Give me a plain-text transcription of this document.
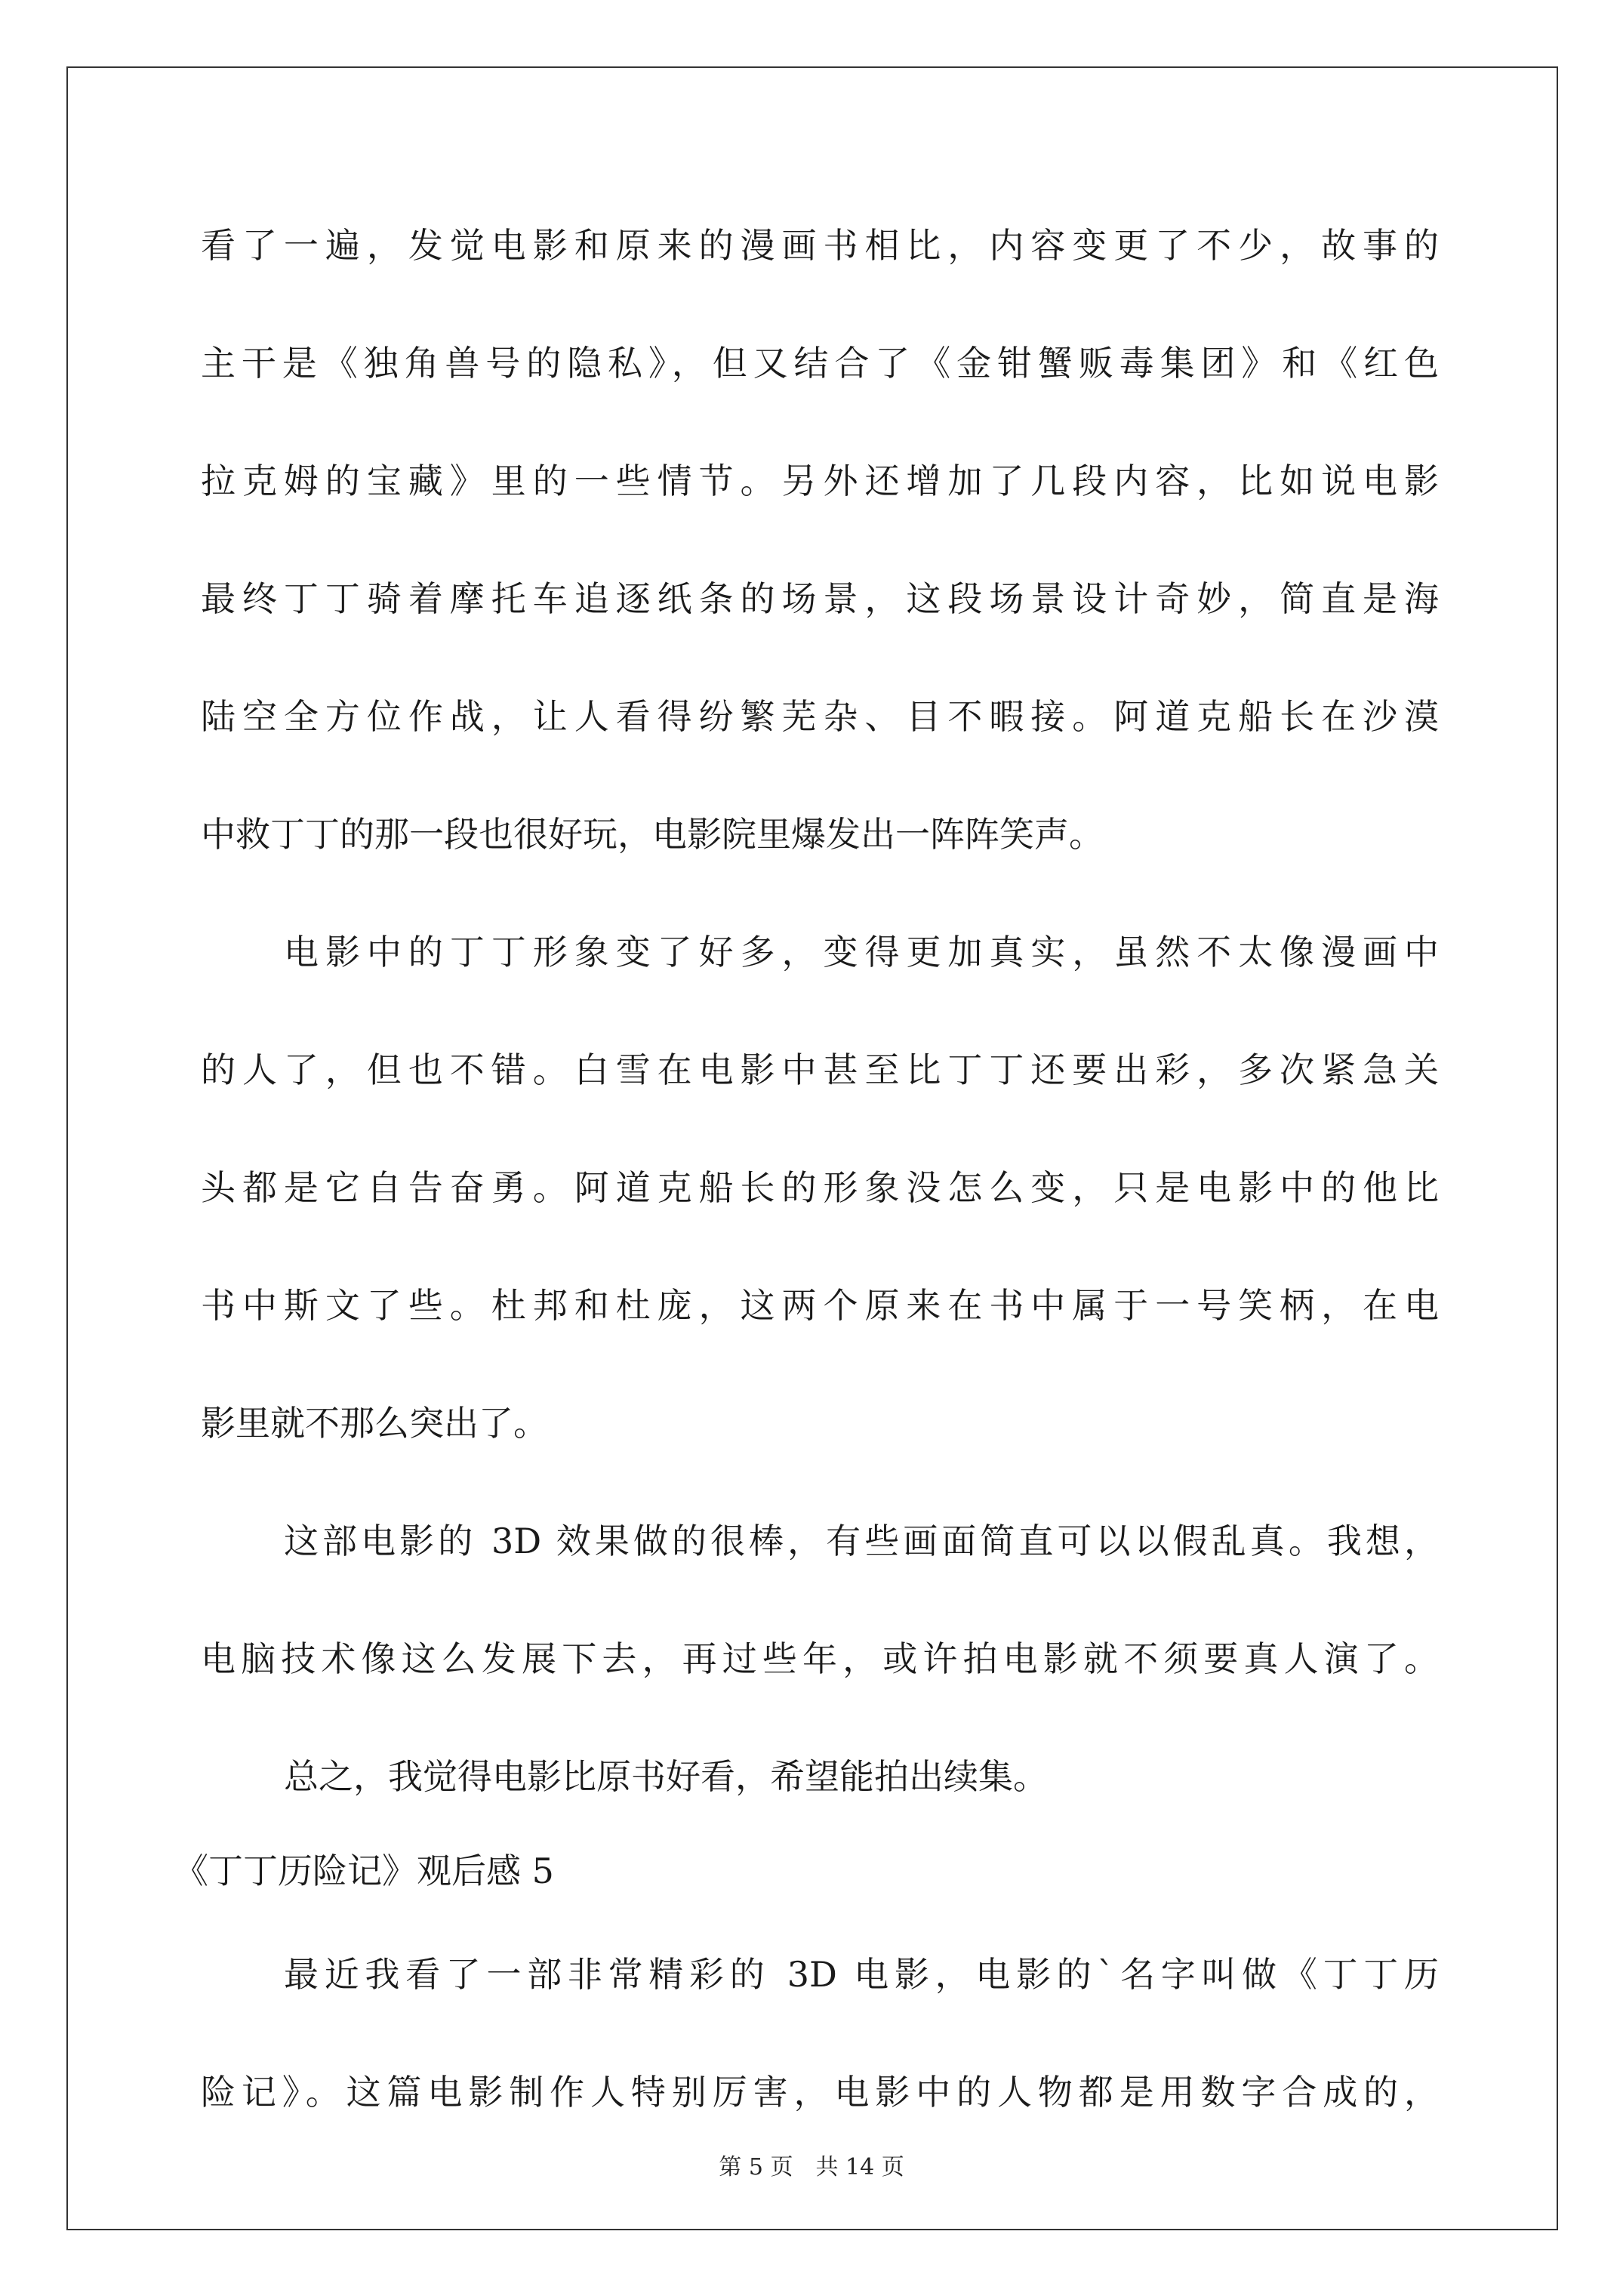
看了一遍，发觉电影和原来的漫画书相比，内容变更了不少，故事的
主干是《独角兽号的隐私》，但又结合了《金钳蟹贩毒集团》和《红色
拉克姆的宝藏》里的一些情节。另外还增加了几段内容，比如说电影
最终丁丁骑着摩托车追逐纸条的场景，这段场景设计奇妙，简直是海
陆空全方位作战，让人看得纷繁芜杂、目不暇接。阿道克船长在沙漠
中救丁丁的那一段也很好玩，电影院里爆发出一阵阵笑声。
电影中的丁丁形象变了好多，变得更加真实，虽然不太像漫画中
的人了，但也不错。白雪在电影中甚至比丁丁还要出彩，多次紧急关
头都是它自告奋勇。阿道克船长的形象没怎么变，只是电影中的他比
书中斯文了些。杜邦和杜庞，这两个原来在书中属于一号笑柄，在电
影里就不那么突出了。
这部电影的 3D 效果做的很棒，有些画面简直可以以假乱真。我想，
电脑技术像这么发展下去，再过些年，或许拍电影就不须要真人演了。
总之，我觉得电影比原书好看，希望能拍出续集。
《丁丁历险记》观后感 5
最近我看了一部非常精彩的 3D 电影，电影的`名字叫做《丁丁历
险记》。这篇电影制作人特别厉害，电影中的人物都是用数字合成的，
第 5 页　共 14 页
